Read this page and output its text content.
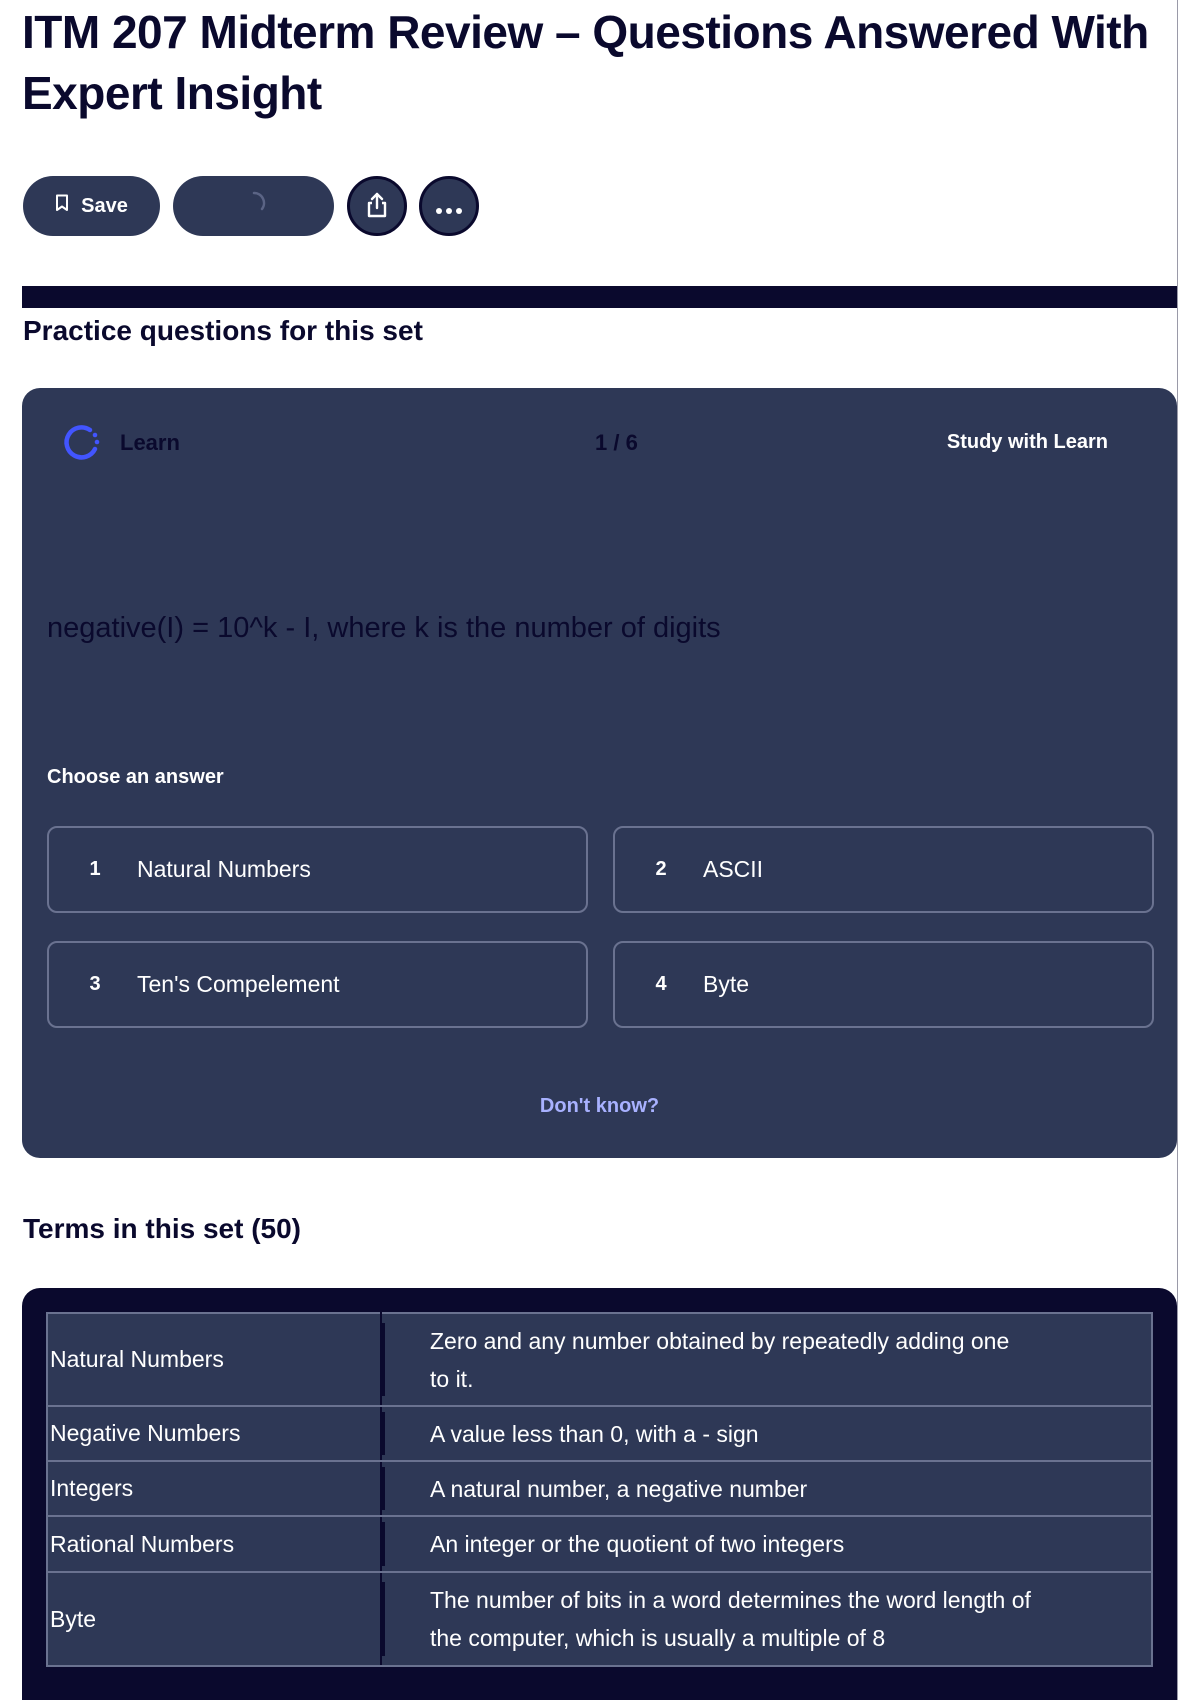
ITM 207 Midterm Review – Questions Answered With Expert Insight
Save
Practice questions for this set
Learn	1 / 6	Study with Learn
negative(I) = 10^k - I, where k is the number of digits
Choose an answer
1	Natural Numbers	2	ASCII
3	Ten's Compelement	4	Byte
Don't know?
Terms in this set (50)
Natural Numbers	Zero and any number obtained by repeatedly adding one to it.
Negative Numbers	A value less than 0, with a - sign
Integers	A natural number, a negative number
Rational Numbers	An integer or the quotient of two integers
Byte	The number of bits in a word determines the word length of the computer, which is usually a multiple of 8
